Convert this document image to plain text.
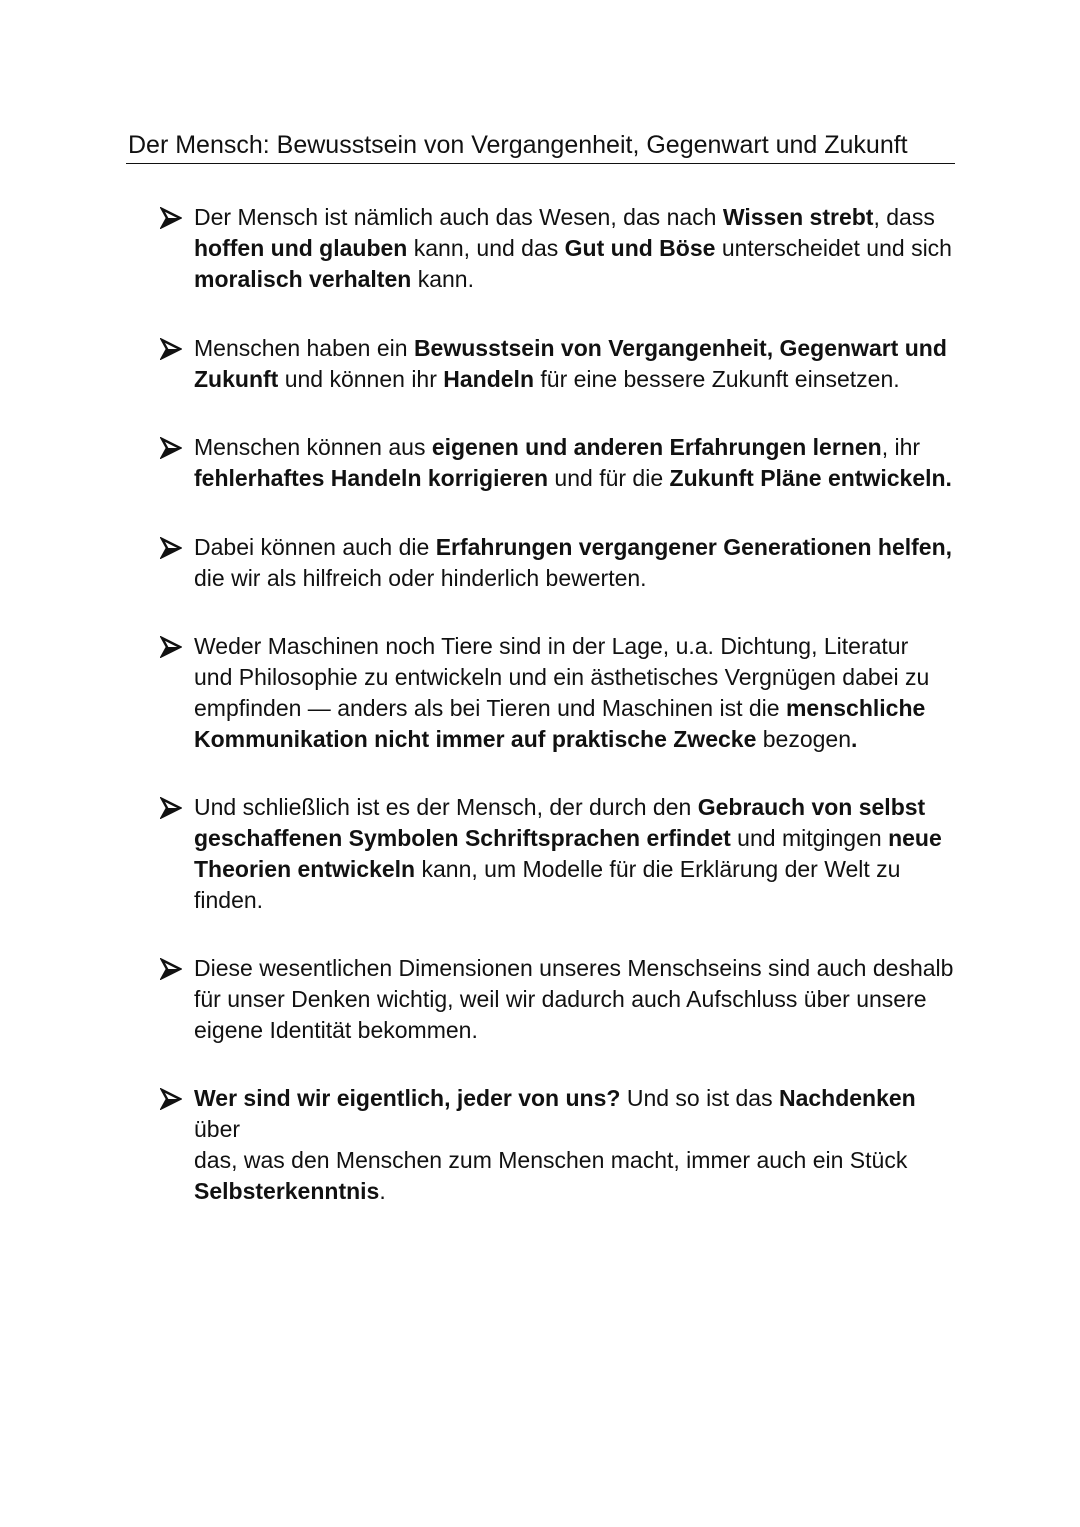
Der Mensch: Bewusstsein von Vergangenheit, Gegenwart und Zukunft
Der Mensch ist nämlich auch das Wesen, das nach Wissen strebt, dass
hoffen und glauben kann, und das Gut und Böse unterscheidet und sich
moralisch verhalten kann.
Menschen haben ein Bewusstsein von Vergangenheit, Gegenwart und
Zukunft und können ihr Handeln für eine bessere Zukunft einsetzen.
Menschen können aus eigenen und anderen Erfahrungen lernen, ihr
fehlerhaftes Handeln korrigieren und für die Zukunft Pläne entwickeln.
Dabei können auch die Erfahrungen vergangener Generationen helfen,
die wir als hilfreich oder hinderlich bewerten.
Weder Maschinen noch Tiere sind in der Lage, u.a. Dichtung, Literatur
und Philosophie zu entwickeln und ein ästhetisches Vergnügen dabei zu
empfinden — anders als bei Tieren und Maschinen ist die menschliche
Kommunikation nicht immer auf praktische Zwecke bezogen.
Und schließlich ist es der Mensch, der durch den Gebrauch von selbst
geschaffenen Symbolen Schriftsprachen erfindet und mitgingen neue
Theorien entwickeln kann, um Modelle für die Erklärung der Welt zu
finden.
Diese wesentlichen Dimensionen unseres Menschseins sind auch deshalb
für unser Denken wichtig, weil wir dadurch auch Aufschluss über unsere
eigene Identität bekommen.
Wer sind wir eigentlich, jeder von uns? Und so ist das Nachdenken über
das, was den Menschen zum Menschen macht, immer auch ein Stück
Selbsterkenntnis.
